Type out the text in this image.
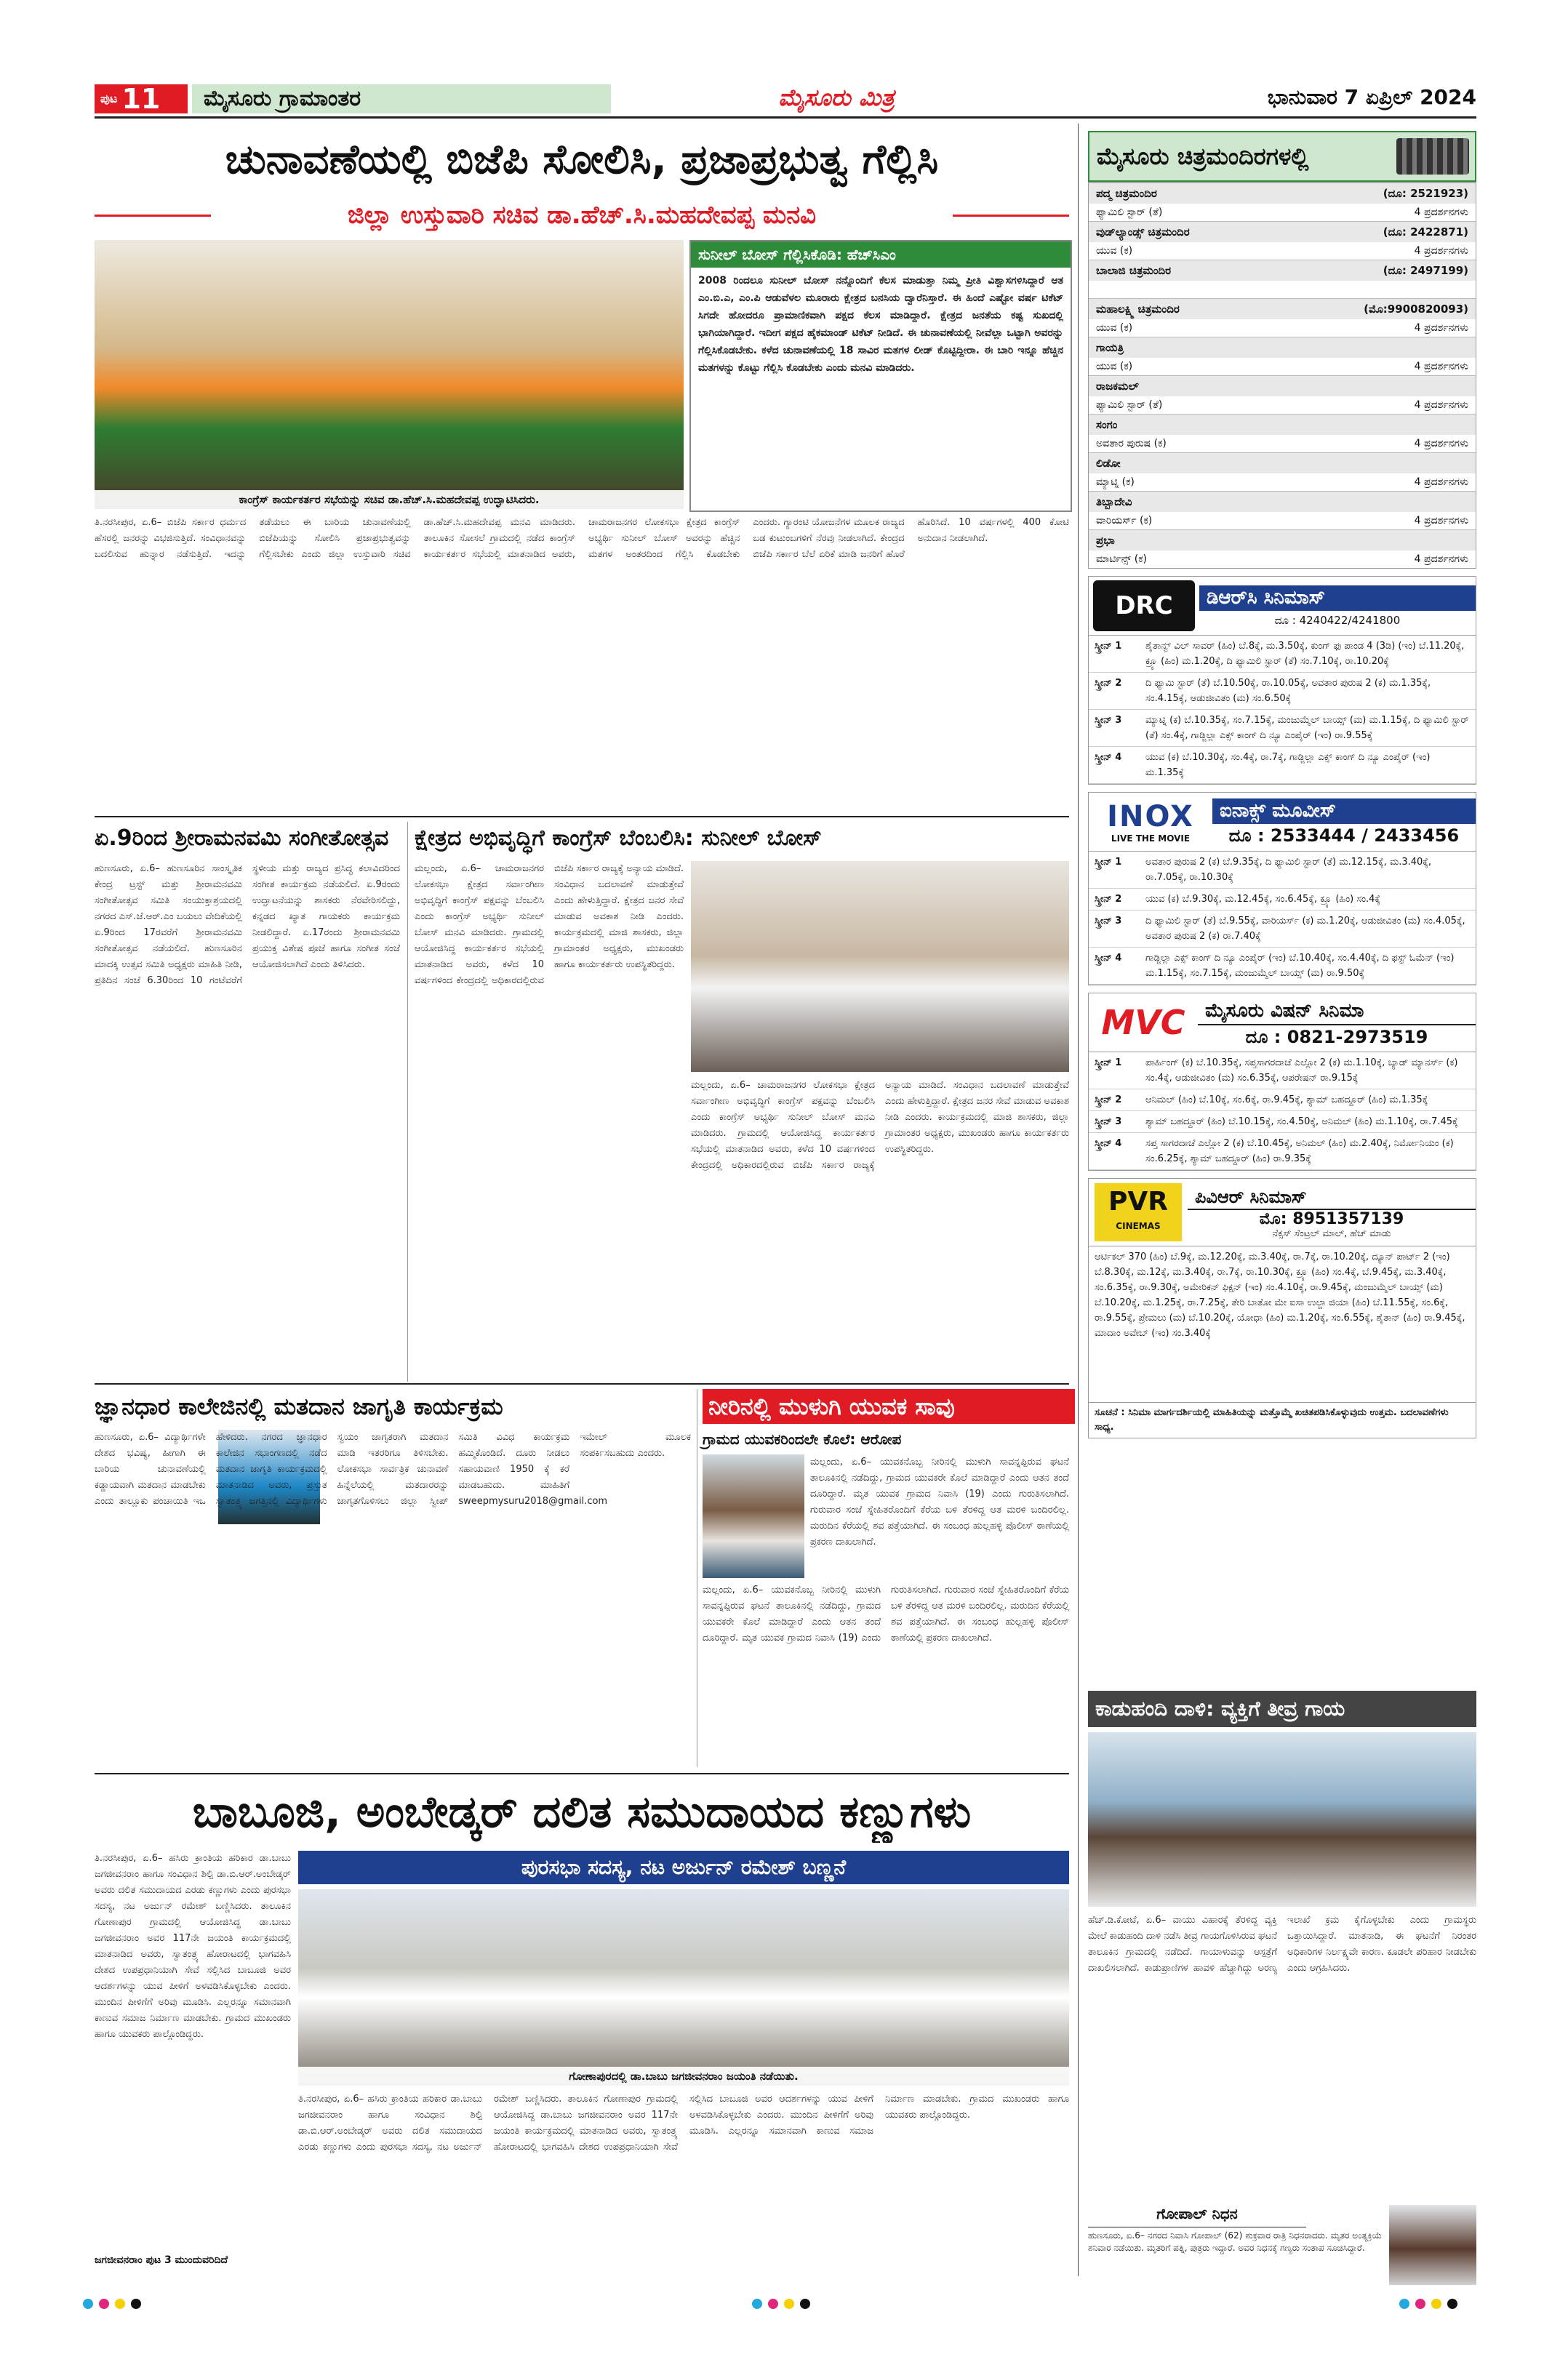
ಪುಟ 11	ಮೈಸೂರು ಗ್ರಾಮಾಂತರ	ಮೈಸೂರು ಮಿತ್ರ	ಭಾನುವಾರ 7 ಏಪ್ರಿಲ್ 2024
ಚುನಾವಣೆಯಲ್ಲಿ ಬಿಜೆಪಿ ಸೋಲಿಸಿ, ಪ್ರಜಾಪ್ರಭುತ್ವ ಗೆಲ್ಲಿಸಿ
ಜಿಲ್ಲಾ ಉಸ್ತುವಾರಿ ಸಚಿವ ಡಾ.ಹೆಚ್.ಸಿ.ಮಹದೇವಪ್ಪ ಮನವಿ
ಕಾಂಗ್ರೆಸ್ ಕಾರ್ಯಕರ್ತರ ಸಭೆಯನ್ನು ಸಚಿವ ಡಾ.ಹೆಚ್.ಸಿ.ಮಹದೇವಪ್ಪ ಉದ್ಘಾಟಿಸಿದರು.
ಸುನೀಲ್ ಬೋಸ್ ಗೆಲ್ಲಿಸಿಕೊಡಿ: ಹೆಚ್‌ಸಿಎಂ
2008 ರಿಂದಲೂ ಸುನೀಲ್ ಬೋಸ್ ನನ್ನೊಂದಿಗೆ ಕೆಲಸ ಮಾಡುತ್ತಾ ನಿಮ್ಮ ಪ್ರೀತಿ ವಿಶ್ವಾಸಗಳಿಸಿದ್ದಾರೆ ಆತ ಎಂ.ಬಿ.ಎ, ಎಂ.ಪಿ ಆಡುವೆಳಲ ಮೂರಾರು ಕ್ಷೇತ್ರದ ಬನಸಿಯ ದ್ವಾರೆನಿಸ್ತಾರೆ. ಈ ಹಿಂದೆ ಎಷ್ಟೋ ವರ್ಷ ಟಿಕೆಟ್ ಸಿಗದೇ ಹೋದರೂ ಪ್ರಾಮಾಣಿಕವಾಗಿ ಪಕ್ಷದ ಕೆಲಸ ಮಾಡಿದ್ದಾರೆ. ಕ್ಷೇತ್ರದ ಜನತೆಯ ಕಷ್ಟ ಸುಖದಲ್ಲಿ ಭಾಗಿಯಾಗಿದ್ದಾರೆ. ಇದೀಗ ಪಕ್ಷದ ಹೈಕಮಾಂಡ್ ಟಿಕೆಟ್ ನೀಡಿದೆ. ಈ ಚುನಾವಣೆಯಲ್ಲಿ ನೀವೆಲ್ಲಾ ಒಟ್ಟಾಗಿ ಅವರನ್ನು ಗೆಲ್ಲಿಸಿಕೊಡಬೇಕು. ಕಳೆದ ಚುನಾವಣೆಯಲ್ಲಿ 18 ಸಾವಿರ ಮತಗಳ ಲೀಡ್ ಕೊಟ್ಟಿದ್ದೀರಾ. ಈ ಬಾರಿ ಇನ್ನೂ ಹೆಚ್ಚಿನ ಮತಗಳನ್ನು ಕೊಟ್ಟು ಗೆಲ್ಲಿಸಿ ಕೊಡಬೇಕು ಎಂದು ಮನವಿ ಮಾಡಿದರು.
ತಿ.ನರಸೀಪುರ, ಏ.6– ಬಿಜೆಪಿ ಸರ್ಕಾರ ಧರ್ಮದ ಹೆಸರಲ್ಲಿ ಜನರನ್ನು ವಿಭಜಿಸುತ್ತಿದೆ. ಸಂವಿಧಾನವನ್ನು ಬದಲಿಸುವ ಹುನ್ನಾರ ನಡೆಸುತ್ತಿದೆ. ಇದನ್ನು ತಡೆಯಲು ಈ ಬಾರಿಯ ಚುನಾವಣೆಯಲ್ಲಿ ಬಿಜೆಪಿಯನ್ನು ಸೋಲಿಸಿ ಪ್ರಜಾಪ್ರಭುತ್ವವನ್ನು ಗೆಲ್ಲಿಸಬೇಕು ಎಂದು ಜಿಲ್ಲಾ ಉಸ್ತುವಾರಿ ಸಚಿವ ಡಾ.ಹೆಚ್.ಸಿ.ಮಹದೇವಪ್ಪ ಮನವಿ ಮಾಡಿದರು. ತಾಲೂಕಿನ ಸೋಸಲೆ ಗ್ರಾಮದಲ್ಲಿ ನಡೆದ ಕಾಂಗ್ರೆಸ್ ಕಾರ್ಯಕರ್ತರ ಸಭೆಯಲ್ಲಿ ಮಾತನಾಡಿದ ಅವರು, ಚಾಮರಾಜನಗರ ಲೋಕಸಭಾ ಕ್ಷೇತ್ರದ ಕಾಂಗ್ರೆಸ್ ಅಭ್ಯರ್ಥಿ ಸುನೀಲ್ ಬೋಸ್ ಅವರನ್ನು ಹೆಚ್ಚಿನ ಮತಗಳ ಅಂತರದಿಂದ ಗೆಲ್ಲಿಸಿ ಕೊಡಬೇಕು ಎಂದರು. ಗ್ಯಾರಂಟಿ ಯೋಜನೆಗಳ ಮೂಲಕ ರಾಜ್ಯದ ಬಡ ಕುಟುಂಬಗಳಿಗೆ ನೆರವು ನೀಡಲಾಗಿದೆ. ಕೇಂದ್ರದ ಬಿಜೆಪಿ ಸರ್ಕಾರ ಬೆಲೆ ಏರಿಕೆ ಮಾಡಿ ಜನರಿಗೆ ಹೊರೆ ಹೊರಿಸಿದೆ. 10 ವರ್ಷಗಳಲ್ಲಿ 400 ಕೋಟಿ ಅನುದಾನ ನೀಡಲಾಗಿದೆ.
ಏ.9ರಿಂದ ಶ್ರೀರಾಮನವಮಿ ಸಂಗೀತೋತ್ಸವ
ಹುಣಸೂರು, ಏ.6– ಹುಣಸೂರಿನ ಸಾಂಸ್ಕೃತಿಕ ಕೇಂದ್ರ ಟ್ರಸ್ಟ್ ಮತ್ತು ಶ್ರೀರಾಮನವಮಿ ಸಂಗೀತೋತ್ಸವ ಸಮಿತಿ ಸಂಯುಕ್ತಾಶ್ರಯದಲ್ಲಿ ನಗರದ ಎಸ್.ಜೆ.ಆರ್.ಎಂ ಬಯಲು ವೇದಿಕೆಯಲ್ಲಿ ಏ.9ರಿಂದ 17ರವರೆಗೆ ಶ್ರೀರಾಮನವಮಿ ಸಂಗೀತೋತ್ಸವ ನಡೆಯಲಿದೆ. ಹುಣಸೂರಿನ ಮಾದಕ್ಕಿ ಉತ್ಸವ ಸಮಿತಿ ಅಧ್ಯಕ್ಷರು ಮಾಹಿತಿ ನೀಡಿ, ಪ್ರತಿದಿನ ಸಂಜೆ 6.30ರಿಂದ 10 ಗಂಟೆವರೆಗೆ ಸ್ಥಳೀಯ ಮತ್ತು ರಾಜ್ಯದ ಪ್ರಸಿದ್ಧ ಕಲಾವಿದರಿಂದ ಸಂಗೀತ ಕಾರ್ಯಕ್ರಮ ನಡೆಯಲಿದೆ. ಏ.9ರಂದು ಉದ್ಘಾಟನೆಯನ್ನು ಶಾಸಕರು ನೆರವೇರಿಸಲಿದ್ದು, ಕನ್ನಡದ ಖ್ಯಾತ ಗಾಯಕರು ಕಾರ್ಯಕ್ರಮ ನೀಡಲಿದ್ದಾರೆ. ಏ.17ರಂದು ಶ್ರೀರಾಮನವಮಿ ಪ್ರಯುಕ್ತ ವಿಶೇಷ ಪೂಜೆ ಹಾಗೂ ಸಂಗೀತ ಸಂಜೆ ಆಯೋಜಿಸಲಾಗಿದೆ ಎಂದು ತಿಳಿಸಿದರು.
ಕ್ಷೇತ್ರದ ಅಭಿವೃದ್ಧಿಗೆ ಕಾಂಗ್ರೆಸ್ ಬೆಂಬಲಿಸಿ: ಸುನೀಲ್ ಬೋಸ್
ಮಲ್ಲಂದು, ಏ.6– ಚಾಮರಾಜನಗರ ಲೋಕಸಭಾ ಕ್ಷೇತ್ರದ ಸರ್ವಾಂಗೀಣ ಅಭಿವೃದ್ಧಿಗೆ ಕಾಂಗ್ರೆಸ್ ಪಕ್ಷವನ್ನು ಬೆಂಬಲಿಸಿ ಎಂದು ಕಾಂಗ್ರೆಸ್ ಅಭ್ಯರ್ಥಿ ಸುನೀಲ್ ಬೋಸ್ ಮನವಿ ಮಾಡಿದರು. ಗ್ರಾಮದಲ್ಲಿ ಆಯೋಜಿಸಿದ್ದ ಕಾರ್ಯಕರ್ತರ ಸಭೆಯಲ್ಲಿ ಮಾತನಾಡಿದ ಅವರು, ಕಳೆದ 10 ವರ್ಷಗಳಿಂದ ಕೇಂದ್ರದಲ್ಲಿ ಅಧಿಕಾರದಲ್ಲಿರುವ ಬಿಜೆಪಿ ಸರ್ಕಾರ ರಾಜ್ಯಕ್ಕೆ ಅನ್ಯಾಯ ಮಾಡಿದೆ. ಸಂವಿಧಾನ ಬದಲಾವಣೆ ಮಾಡುತ್ತೇವೆ ಎಂದು ಹೇಳುತ್ತಿದ್ದಾರೆ. ಕ್ಷೇತ್ರದ ಜನರ ಸೇವೆ ಮಾಡುವ ಅವಕಾಶ ನೀಡಿ ಎಂದರು. ಕಾರ್ಯಕ್ರಮದಲ್ಲಿ ಮಾಜಿ ಶಾಸಕರು, ಜಿಲ್ಲಾ ಗ್ರಾಮಾಂತರ ಅಧ್ಯಕ್ಷರು, ಮುಖಂಡರು ಹಾಗೂ ಕಾರ್ಯಕರ್ತರು ಉಪಸ್ಥಿತರಿದ್ದರು.
ಮಲ್ಲಂದು, ಏ.6– ಚಾಮರಾಜನಗರ ಲೋಕಸಭಾ ಕ್ಷೇತ್ರದ ಸರ್ವಾಂಗೀಣ ಅಭಿವೃದ್ಧಿಗೆ ಕಾಂಗ್ರೆಸ್ ಪಕ್ಷವನ್ನು ಬೆಂಬಲಿಸಿ ಎಂದು ಕಾಂಗ್ರೆಸ್ ಅಭ್ಯರ್ಥಿ ಸುನೀಲ್ ಬೋಸ್ ಮನವಿ ಮಾಡಿದರು. ಗ್ರಾಮದಲ್ಲಿ ಆಯೋಜಿಸಿದ್ದ ಕಾರ್ಯಕರ್ತರ ಸಭೆಯಲ್ಲಿ ಮಾತನಾಡಿದ ಅವರು, ಕಳೆದ 10 ವರ್ಷಗಳಿಂದ ಕೇಂದ್ರದಲ್ಲಿ ಅಧಿಕಾರದಲ್ಲಿರುವ ಬಿಜೆಪಿ ಸರ್ಕಾರ ರಾಜ್ಯಕ್ಕೆ ಅನ್ಯಾಯ ಮಾಡಿದೆ. ಸಂವಿಧಾನ ಬದಲಾವಣೆ ಮಾಡುತ್ತೇವೆ ಎಂದು ಹೇಳುತ್ತಿದ್ದಾರೆ. ಕ್ಷೇತ್ರದ ಜನರ ಸೇವೆ ಮಾಡುವ ಅವಕಾಶ ನೀಡಿ ಎಂದರು. ಕಾರ್ಯಕ್ರಮದಲ್ಲಿ ಮಾಜಿ ಶಾಸಕರು, ಜಿಲ್ಲಾ ಗ್ರಾಮಾಂತರ ಅಧ್ಯಕ್ಷರು, ಮುಖಂಡರು ಹಾಗೂ ಕಾರ್ಯಕರ್ತರು ಉಪಸ್ಥಿತರಿದ್ದರು.
ಜ್ಞಾನಧಾರ ಕಾಲೇಜಿನಲ್ಲಿ ಮತದಾನ ಜಾಗೃತಿ ಕಾರ್ಯಕ್ರಮ
ಹುಣಸೂರು, ಏ.6– ವಿದ್ಯಾರ್ಥಿಗಳೇ ದೇಶದ ಭವಿಷ್ಯ, ಹೀಗಾಗಿ ಈ ಬಾರಿಯ ಚುನಾವಣೆಯಲ್ಲಿ ಕಡ್ಡಾಯವಾಗಿ ಮತದಾನ ಮಾಡಬೇಕು ಎಂದು ತಾಲ್ಲೂಕು ಪಂಚಾಯಿತಿ ಇಒ ಹೇಳಿದರು. ನಗರದ ಜ್ಞಾನಧಾರ ಕಾಲೇಜಿನ ಸಭಾಂಗಣದಲ್ಲಿ ನಡೆದ ಮತದಾನ ಜಾಗೃತಿ ಕಾರ್ಯಕ್ರಮದಲ್ಲಿ ಮಾತನಾಡಿದ ಅವರು, ಪ್ರಸ್ತುತ ಸ್ವಾತಂತ್ರ್ಯ ಜಗತ್ತಿನಲ್ಲಿ ವಿದ್ಯಾರ್ಥಿಗಳು ಸ್ವಯಂ ಜಾಗೃತರಾಗಿ ಮತದಾನ ಮಾಡಿ ಇತರರಿಗೂ ತಿಳಿಸಬೇಕು. ಲೋಕಸಭಾ ಸಾರ್ವತ್ರಿಕ ಚುನಾವಣೆ ಹಿನ್ನೆಲೆಯಲ್ಲಿ ಮತದಾರರನ್ನು ಜಾಗೃತಗೊಳಿಸಲು ಜಿಲ್ಲಾ ಸ್ವೀಪ್ ಸಮಿತಿ ವಿವಿಧ ಕಾರ್ಯಕ್ರಮ ಹಮ್ಮಿಕೊಂಡಿದೆ. ದೂರು ನೀಡಲು ಸಹಾಯವಾಣಿ 1950 ಕ್ಕೆ ಕರೆ ಮಾಡಬಹುದು. ಮಾಹಿತಿಗೆ sweepmysuru2018@gmail.com ಇಮೇಲ್ ಮೂಲಕ ಸಂಪರ್ಕಿಸಬಹುದು ಎಂದರು.
ನೀರಿನಲ್ಲಿ ಮುಳುಗಿ ಯುವಕ ಸಾವು
ಗ್ರಾಮದ ಯುವಕರಿಂದಲೇ ಕೊಲೆ: ಆರೋಪ
ಮಲ್ಲಂದು, ಏ.6– ಯುವಕನೊಬ್ಬ ನೀರಿನಲ್ಲಿ ಮುಳುಗಿ ಸಾವನ್ನಪ್ಪಿರುವ ಘಟನೆ ತಾಲೂಕಿನಲ್ಲಿ ನಡೆದಿದ್ದು, ಗ್ರಾಮದ ಯುವಕರೇ ಕೊಲೆ ಮಾಡಿದ್ದಾರೆ ಎಂದು ಆತನ ತಂದೆ ದೂರಿದ್ದಾರೆ. ಮೃತ ಯುವಕ ಗ್ರಾಮದ ನಿವಾಸಿ (19) ಎಂದು ಗುರುತಿಸಲಾಗಿದೆ. ಗುರುವಾರ ಸಂಜೆ ಸ್ನೇಹಿತರೊಂದಿಗೆ ಕೆರೆಯ ಬಳಿ ತೆರಳಿದ್ದ ಆತ ಮರಳಿ ಬಂದಿರಲಿಲ್ಲ. ಮರುದಿನ ಕೆರೆಯಲ್ಲಿ ಶವ ಪತ್ತೆಯಾಗಿದೆ. ಈ ಸಂಬಂಧ ಹುಲ್ಲಹಳ್ಳಿ ಪೊಲೀಸ್ ಠಾಣೆಯಲ್ಲಿ ಪ್ರಕರಣ ದಾಖಲಾಗಿದೆ.
ಮಲ್ಲಂದು, ಏ.6– ಯುವಕನೊಬ್ಬ ನೀರಿನಲ್ಲಿ ಮುಳುಗಿ ಸಾವನ್ನಪ್ಪಿರುವ ಘಟನೆ ತಾಲೂಕಿನಲ್ಲಿ ನಡೆದಿದ್ದು, ಗ್ರಾಮದ ಯುವಕರೇ ಕೊಲೆ ಮಾಡಿದ್ದಾರೆ ಎಂದು ಆತನ ತಂದೆ ದೂರಿದ್ದಾರೆ. ಮೃತ ಯುವಕ ಗ್ರಾಮದ ನಿವಾಸಿ (19) ಎಂದು ಗುರುತಿಸಲಾಗಿದೆ. ಗುರುವಾರ ಸಂಜೆ ಸ್ನೇಹಿತರೊಂದಿಗೆ ಕೆರೆಯ ಬಳಿ ತೆರಳಿದ್ದ ಆತ ಮರಳಿ ಬಂದಿರಲಿಲ್ಲ. ಮರುದಿನ ಕೆರೆಯಲ್ಲಿ ಶವ ಪತ್ತೆಯಾಗಿದೆ. ಈ ಸಂಬಂಧ ಹುಲ್ಲಹಳ್ಳಿ ಪೊಲೀಸ್ ಠಾಣೆಯಲ್ಲಿ ಪ್ರಕರಣ ದಾಖಲಾಗಿದೆ.
ಬಾಬೂಜಿ, ಅಂಬೇಡ್ಕರ್ ದಲಿತ ಸಮುದಾಯದ ಕಣ್ಣುಗಳು
ತಿ.ನರಸೀಪುರ, ಏ.6– ಹಸಿರು ಕ್ರಾಂತಿಯ ಹರಿಕಾರ ಡಾ.ಬಾಬು ಜಗಜೀವನರಾಂ ಹಾಗೂ ಸಂವಿಧಾನ ಶಿಲ್ಪಿ ಡಾ.ಬಿ.ಆರ್.ಅಂಬೇಡ್ಕರ್ ಅವರು ದಲಿತ ಸಮುದಾಯದ ಎರಡು ಕಣ್ಣುಗಳು ಎಂದು ಪುರಸಭಾ ಸದಸ್ಯ, ನಟ ಅರ್ಜುನ್ ರಮೇಶ್ ಬಣ್ಣಿಸಿದರು. ತಾಲೂಕಿನ ಗೋಣಾಪುರ ಗ್ರಾಮದಲ್ಲಿ ಆಯೋಜಿಸಿದ್ದ ಡಾ.ಬಾಬು ಜಗಜೀವನರಾಂ ಅವರ 117ನೇ ಜಯಂತಿ ಕಾರ್ಯಕ್ರಮದಲ್ಲಿ ಮಾತನಾಡಿದ ಅವರು, ಸ್ವಾತಂತ್ರ್ಯ ಹೋರಾಟದಲ್ಲಿ ಭಾಗವಹಿಸಿ ದೇಶದ ಉಪಪ್ರಧಾನಿಯಾಗಿ ಸೇವೆ ಸಲ್ಲಿಸಿದ ಬಾಬೂಜಿ ಅವರ ಆದರ್ಶಗಳನ್ನು ಯುವ ಪೀಳಿಗೆ ಅಳವಡಿಸಿಕೊಳ್ಳಬೇಕು ಎಂದರು. ಮುಂದಿನ ಪೀಳಿಗೆಗೆ ಅರಿವು ಮೂಡಿಸಿ. ಎಲ್ಲರನ್ನೂ ಸಮಾನವಾಗಿ ಕಾಣುವ ಸಮಾಜ ನಿರ್ಮಾಣ ಮಾಡಬೇಕು. ಗ್ರಾಮದ ಮುಖಂಡರು ಹಾಗೂ ಯುವಕರು ಪಾಲ್ಗೊಂಡಿದ್ದರು.
ಪುರಸಭಾ ಸದಸ್ಯ, ನಟ ಅರ್ಜುನ್ ರಮೇಶ್ ಬಣ್ಣನೆ
ಗೋಣಾಪುರದಲ್ಲಿ ಡಾ.ಬಾಬು ಜಗಜೀವನರಾಂ ಜಯಂತಿ ನಡೆಯಿತು.
ತಿ.ನರಸೀಪುರ, ಏ.6– ಹಸಿರು ಕ್ರಾಂತಿಯ ಹರಿಕಾರ ಡಾ.ಬಾಬು ಜಗಜೀವನರಾಂ ಹಾಗೂ ಸಂವಿಧಾನ ಶಿಲ್ಪಿ ಡಾ.ಬಿ.ಆರ್.ಅಂಬೇಡ್ಕರ್ ಅವರು ದಲಿತ ಸಮುದಾಯದ ಎರಡು ಕಣ್ಣುಗಳು ಎಂದು ಪುರಸಭಾ ಸದಸ್ಯ, ನಟ ಅರ್ಜುನ್ ರಮೇಶ್ ಬಣ್ಣಿಸಿದರು. ತಾಲೂಕಿನ ಗೋಣಾಪುರ ಗ್ರಾಮದಲ್ಲಿ ಆಯೋಜಿಸಿದ್ದ ಡಾ.ಬಾಬು ಜಗಜೀವನರಾಂ ಅವರ 117ನೇ ಜಯಂತಿ ಕಾರ್ಯಕ್ರಮದಲ್ಲಿ ಮಾತನಾಡಿದ ಅವರು, ಸ್ವಾತಂತ್ರ್ಯ ಹೋರಾಟದಲ್ಲಿ ಭಾಗವಹಿಸಿ ದೇಶದ ಉಪಪ್ರಧಾನಿಯಾಗಿ ಸೇವೆ ಸಲ್ಲಿಸಿದ ಬಾಬೂಜಿ ಅವರ ಆದರ್ಶಗಳನ್ನು ಯುವ ಪೀಳಿಗೆ ಅಳವಡಿಸಿಕೊಳ್ಳಬೇಕು ಎಂದರು. ಮುಂದಿನ ಪೀಳಿಗೆಗೆ ಅರಿವು ಮೂಡಿಸಿ. ಎಲ್ಲರನ್ನೂ ಸಮಾನವಾಗಿ ಕಾಣುವ ಸಮಾಜ ನಿರ್ಮಾಣ ಮಾಡಬೇಕು. ಗ್ರಾಮದ ಮುಖಂಡರು ಹಾಗೂ ಯುವಕರು ಪಾಲ್ಗೊಂಡಿದ್ದರು.
ಜಗಜೀವನರಾಂ ಪುಟ 3 ಮುಂದುವರಿದಿದೆ
ಮೈಸೂರು ಚಿತ್ರಮಂದಿರಗಳಲ್ಲಿ
ಪದ್ಮ ಚಿತ್ರಮಂದಿರ	(ದೂ: 2521923)
ಫ್ಯಾಮಿಲಿ ಸ್ಟಾರ್ (ತೆ)	4 ಪ್ರದರ್ಶನಗಳು
ವುಡ್‌ಲ್ಯಾಂಡ್ಸ್ ಚಿತ್ರಮಂದಿರ	(ದೂ: 2422871)
ಯುವ (ಕ)	4 ಪ್ರದರ್ಶನಗಳು
ಬಾಲಾಜಿ ಚಿತ್ರಮಂದಿರ	(ದೂ: 2497199)
ಮಹಾಲಕ್ಷ್ಮಿ ಚಿತ್ರಮಂದಿರ	(ಮೊ:9900820093)
ಯುವ (ಕ)	4 ಪ್ರದರ್ಶನಗಳು
ಗಾಯತ್ರಿ
ಯುವ (ಕ)	4 ಪ್ರದರ್ಶನಗಳು
ರಾಜಕಮಲ್
ಫ್ಯಾಮಿಲಿ ಸ್ಟಾರ್ (ತೆ)	4 ಪ್ರದರ್ಶನಗಳು
ಸಂಗಂ
ಅವತಾರ ಪುರುಷ (ಕ)	4 ಪ್ರದರ್ಶನಗಳು
ಲಿಡೋ
ಮ್ಯಾಟ್ನಿ (ಕ)	4 ಪ್ರದರ್ಶನಗಳು
ತಿಬ್ಬಾದೇವಿ
ವಾರಿಯರ್ಸ್ (ಕ)	4 ಪ್ರದರ್ಶನಗಳು
ಪ್ರಭಾ
ಮಾರ್ಟಿನ್ಸ್ (ಕ)	4 ಪ್ರದರ್ಶನಗಳು
DRC	ಡಿಆರ್‌ಸಿ ಸಿನಿಮಾಸ್
ದೂ : 4240422/4241800
ಸ್ಕ್ರೀನ್ 1	ಶೈತಾನ್ವ್ ವಿಲ್ ಸಾವರ್ (ಹಿಂ) ಬೆ.8ಕ್ಕೆ, ಮ.3.50ಕ್ಕೆ, ಕುಂಗ್ ಫು ಪಾಂಡ 4 (3ಡಿ) (ಇಂ) ಬೆ.11.20ಕ್ಕೆ, ಕ್ರ್ಯೂ (ಹಿಂ) ಮ.1.20ಕ್ಕೆ, ದಿ ಫ್ಯಾಮಿಲಿ ಸ್ಟಾರ್ (ತೆ) ಸಂ.7.10ಕ್ಕೆ, ರಾ.10.20ಕ್ಕೆ
ಸ್ಕ್ರೀನ್ 2	ದಿ ಫ್ಯಾಮಿ ಸ್ಟಾರ್ (ತೆ) ಬೆ.10.50ಕ್ಕೆ, ರಾ.10.05ಕ್ಕೆ, ಅವತಾರ ಪುರುಷ 2 (ಕ) ಮ.1.35ಕ್ಕೆ, ಸಂ.4.15ಕ್ಕೆ, ಆಡುಜೀವಿತಂ (ಮ) ಸಂ.6.50ಕ್ಕೆ
ಸ್ಕ್ರೀನ್ 3	ಮ್ಯಾಟ್ನಿ (ಕ) ಬೆ.10.35ಕ್ಕೆ, ಸಂ.7.15ಕ್ಕೆ, ಮಂಜುಮ್ಮೆಲ್ ಬಾಯ್ಸ್ (ಮ) ಮ.1.15ಕ್ಕೆ, ದಿ ಫ್ಯಾಮಿಲಿ ಸ್ಟಾರ್ (ತೆ) ಸಂ.4ಕ್ಕೆ, ಗಾಡ್ಜಿಲ್ಲಾ ಎಕ್ಸ್ ಕಾಂಗ್ ದಿ ನ್ಯೂ ಎಂಪೈರ್ (ಇಂ) ರಾ.9.55ಕ್ಕೆ
ಸ್ಕ್ರೀನ್ 4	ಯುವ (ಕ) ಬೆ.10.30ಕ್ಕೆ, ಸಂ.4ಕ್ಕೆ, ರಾ.7ಕ್ಕೆ, ಗಾಡ್ಜಿಲ್ಲಾ ಎಕ್ಸ್ ಕಾಂಗ್ ದಿ ನ್ಯೂ ಎಂಪೈರ್ (ಇಂ) ಮ.1.35ಕ್ಕೆ
INOX
LIVE THE MOVIE
ಐನಾಕ್ಸ್ ಮೂವೀಸ್
ದೂ : 2533444 / 2433456
ಸ್ಕ್ರೀನ್ 1	ಅವತಾರ ಪುರುಷ 2 (ಕ) ಬೆ.9.35ಕ್ಕೆ, ದಿ ಫ್ಯಾಮಿಲಿ ಸ್ಟಾರ್ (ತೆ) ಮ.12.15ಕ್ಕೆ, ಮ.3.40ಕ್ಕೆ, ರಾ.7.05ಕ್ಕೆ, ರಾ.10.30ಕ್ಕೆ
ಸ್ಕ್ರೀನ್ 2	ಯುವ (ಕ) ಬೆ.9.30ಕ್ಕೆ, ಮ.12.45ಕ್ಕೆ, ಸಂ.6.45ಕ್ಕೆ, ಕ್ರ್ಯೂ (ಹಿಂ) ಸಂ.4ಕ್ಕೆ
ಸ್ಕ್ರೀನ್ 3	ದಿ ಫ್ಯಾಮಿಲಿ ಸ್ಟಾರ್ (ತೆ) ಬೆ.9.55ಕ್ಕೆ, ವಾರಿಯರ್ಸ್ (ಕ) ಮ.1.20ಕ್ಕೆ, ಆಡುಜೀವಿತಂ (ಮ) ಸಂ.4.05ಕ್ಕೆ, ಅವತಾರ ಪುರುಷ 2 (ಕ) ರಾ.7.40ಕ್ಕೆ
ಸ್ಕ್ರೀನ್ 4	ಗಾಡ್ಜಿಲ್ಲಾ ಎಕ್ಸ್ ಕಾಂಗ್ ದಿ ನ್ಯೂ ಎಂಪೈರ್ (ಇಂ) ಬೆ.10.40ಕ್ಕೆ, ಸಂ.4.40ಕ್ಕೆ, ದಿ ಫಸ್ಟ್ ಓಮೆನ್ (ಇಂ) ಮ.1.15ಕ್ಕೆ, ಸಂ.7.15ಕ್ಕೆ, ಮಂಜುಮ್ಮೆಲ್ ಬಾಯ್ಸ್ (ಮ) ರಾ.9.50ಕ್ಕೆ
MVC	ಮೈಸೂರು ವಿಷನ್ ಸಿನಿಮಾ
ದೂ : 0821-2973519
ಸ್ಕ್ರೀನ್ 1	ಪಾರ್ಹಿಂಗ್ (ಕ) ಬೆ.10.35ಕ್ಕೆ, ಸಪ್ತಸಾಗರದಾಚೆ ಎಲ್ಲೋ 2 (ಕ) ಮ.1.10ಕ್ಕೆ, ಬ್ಯಾಡ್ ಮ್ಯಾನರ್ಸ್ (ಕ) ಸಂ.4ಕ್ಕೆ, ಆಡುಜೀವಿತಂ (ಮ) ಸಂ.6.35ಕ್ಕೆ, ಆಪರೇಷನ್ ರಾ.9.15ಕ್ಕೆ
ಸ್ಕ್ರೀನ್ 2	ಆನಿಮಲ್ (ಹಿಂ) ಬೆ.10ಕ್ಕೆ, ಸಂ.6ಕ್ಕೆ, ರಾ.9.45ಕ್ಕೆ, ಶ್ಯಾಮ್ ಬಹದ್ದೂರ್ (ಹಿಂ) ಮ.1.35ಕ್ಕೆ
ಸ್ಕ್ರೀನ್ 3	ಶ್ಯಾಮ್ ಬಹದ್ದೂರ್ (ಹಿಂ) ಬೆ.10.15ಕ್ಕೆ, ಸಂ.4.50ಕ್ಕೆ, ಅನಿಮಲ್ (ಹಿಂ) ಮ.1.10ಕ್ಕೆ, ರಾ.7.45ಕ್ಕೆ
ಸ್ಕ್ರೀನ್ 4	ಸಪ್ತ ಸಾಗರದಾಚೆ ಎಲ್ಲೋ 2 (ಕ) ಬೆ.10.45ಕ್ಕೆ, ಅನಿಮಲ್ (ಹಿಂ) ಮ.2.40ಕ್ಕೆ, ನಿರ್ಮೋನಿಯಂ (ಕ) ಸಂ.6.25ಕ್ಕೆ, ಶ್ಯಾಮ್ ಬಹದ್ದೂರ್ (ಹಿಂ) ರಾ.9.35ಕ್ಕೆ
PVR
CINEMAS
ಪಿವಿಆರ್ ಸಿನಿಮಾಸ್
ಮೊ: 8951357139
ನೆಕ್ಸಸ್ ಸೆಂಟ್ರಲ್ ಮಾಲ್, ಹೆಚ್ ಮಾಡು
ಆರ್ಟಿಕಲ್ 370 (ಹಿಂ) ಬೆ.9ಕ್ಕೆ, ಮ.12.20ಕ್ಕೆ, ಮ.3.40ಕ್ಕೆ, ರಾ.7ಕ್ಕೆ, ರಾ.10.20ಕ್ಕೆ, ದ್ಯೂನ್ ಪಾರ್ಟ್ 2 (ಇಂ) ಬೆ.8.30ಕ್ಕೆ, ಮ.12ಕ್ಕೆ, ಮ.3.40ಕ್ಕೆ, ರಾ.7ಕ್ಕೆ, ರಾ.10.30ಕ್ಕೆ, ಕ್ರ್ಯೂ (ಹಿಂ) ಸಂ.4ಕ್ಕೆ, ಬೆ.9.45ಕ್ಕೆ, ಮ.3.40ಕ್ಕೆ, ಸಂ.6.35ಕ್ಕೆ, ರಾ.9.30ಕ್ಕೆ, ಅಮೇರಿಕನ್ ಫಿಕ್ಷನ್ (ಇಂ) ಸಂ.4.10ಕ್ಕೆ, ರಾ.9.45ಕ್ಕೆ, ಮಂಜುಮ್ಮೆಲ್ ಬಾಯ್ಸ್ (ಮ) ಬೆ.10.20ಕ್ಕೆ, ಮ.1.25ಕ್ಕೆ, ರಾ.7.25ಕ್ಕೆ, ತೇರಿ ಬಾತೋ ಮೇ ಐಸಾ ಉಲ್ಜಾ ಜಿಯಾ (ಹಿಂ) ಬೆ.11.55ಕ್ಕೆ, ಸಂ.6ಕ್ಕೆ, ರಾ.9.55ಕ್ಕೆ, ಪ್ರೇಮಲು (ಮ) ಬೆ.10.20ಕ್ಕೆ, ಯೋಧಾ (ಹಿಂ) ಮ.1.20ಕ್ಕೆ, ಸಂ.6.55ಕ್ಕೆ, ಶೈತಾನ್ (ಹಿಂ) ರಾ.9.45ಕ್ಕೆ, ಮಾದಾಂ ಅವೇಬ್ (ಇಂ) ಸಂ.3.40ಕ್ಕೆ
ಸೂಚನೆ : ಸಿನಿಮಾ ಮಾರ್ಗದರ್ಶಿಯಲ್ಲಿ ಮಾಹಿತಿಯನ್ನು ಮತ್ತೊಮ್ಮೆ ಖಚಿತಪಡಿಸಿಕೊಳ್ಳುವುದು ಉತ್ತಮ. ಬದಲಾವಣೆಗಳು ಸಾಧ್ಯ.
ಕಾಡುಹಂದಿ ದಾಳಿ: ವ್ಯಕ್ತಿಗೆ ತೀವ್ರ ಗಾಯ
ಹೆಚ್.ಡಿ.ಕೋಟೆ, ಏ.6– ವಾಯು ವಿಹಾರಕ್ಕೆ ತೆರಳಿದ್ದ ವ್ಯಕ್ತಿ ಮೇಲೆ ಕಾಡುಹಂದಿ ದಾಳಿ ನಡೆಸಿ ತೀವ್ರ ಗಾಯಗೊಳಿಸಿರುವ ಘಟನೆ ತಾಲೂಕಿನ ಗ್ರಾಮದಲ್ಲಿ ನಡೆದಿದೆ. ಗಾಯಾಳುವನ್ನು ಆಸ್ಪತ್ರೆಗೆ ದಾಖಲಿಸಲಾಗಿದೆ. ಕಾಡುಪ್ರಾಣಿಗಳ ಹಾವಳಿ ಹೆಚ್ಚಾಗಿದ್ದು ಅರಣ್ಯ ಇಲಾಖೆ ಕ್ರಮ ಕೈಗೊಳ್ಳಬೇಕು ಎಂದು ಗ್ರಾಮಸ್ಥರು ಒತ್ತಾಯಿಸಿದ್ದಾರೆ. ಮಾತನಾಡಿ, ಈ ಘಟನೆಗೆ ನಿರಂತರ ಅಧಿಕಾರಿಗಳ ನಿರ್ಲಕ್ಷ್ಯವೇ ಕಾರಣ. ಕೂಡಲೇ ಪರಿಹಾರ ನೀಡಬೇಕು ಎಂದು ಆಗ್ರಹಿಸಿದರು.
ಗೋಪಾಲ್ ನಿಧನ
ಹುಣಸೂರು, ಏ.6– ನಗರದ ನಿವಾಸಿ ಗೋಪಾಲ್ (62) ಶುಕ್ರವಾರ ರಾತ್ರಿ ನಿಧನರಾದರು. ಮೃತರ ಅಂತ್ಯಕ್ರಿಯೆ ಶನಿವಾರ ನಡೆಯಿತು. ಮೃತರಿಗೆ ಪತ್ನಿ, ಪುತ್ರರು ಇದ್ದಾರೆ. ಅವರ ನಿಧನಕ್ಕೆ ಗಣ್ಯರು ಸಂತಾಪ ಸೂಚಿಸಿದ್ದಾರೆ.
